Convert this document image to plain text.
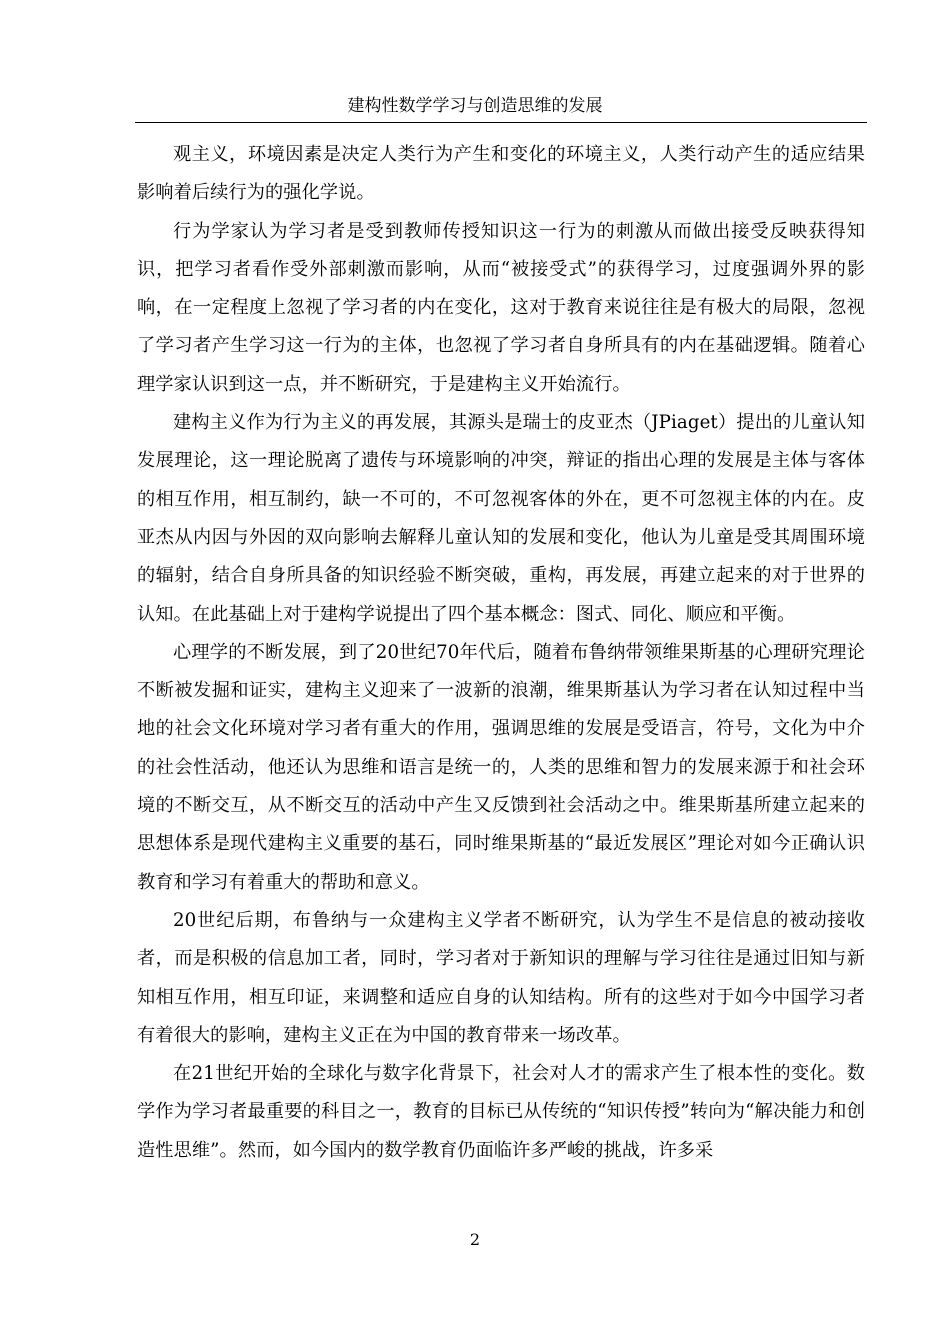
建构性数学学习与创造思维的发展

观主义，环境因素是决定人类行为产生和变化的环境主义，人类行动产生的适应结果影响着后续行为的强化学说。

行为学家认为学习者是受到教师传授知识这一行为的刺激从而做出接受反映获得知识，把学习者看作受外部刺激而影响，从而“被接受式”的获得学习，过度强调外界的影响，在一定程度上忽视了学习者的内在变化，这对于教育来说往往是有极大的局限，忽视了学习者产生学习这一行为的主体，也忽视了学习者自身所具有的内在基础逻辑。随着心理学家认识到这一点，并不断研究，于是建构主义开始流行。

建构主义作为行为主义的再发展，其源头是瑞士的皮亚杰（JPiaget）提出的儿童认知发展理论，这一理论脱离了遗传与环境影响的冲突，辩证的指出心理的发展是主体与客体的相互作用，相互制约，缺一不可的，不可忽视客体的外在，更不可忽视主体的内在。皮亚杰从内因与外因的双向影响去解释儿童认知的发展和变化，他认为儿童是受其周围环境的辐射，结合自身所具备的知识经验不断突破，重构，再发展，再建立起来的对于世界的认知。在此基础上对于建构学说提出了四个基本概念：图式、同化、顺应和平衡。

心理学的不断发展，到了20世纪70年代后，随着布鲁纳带领维果斯基的心理研究理论不断被发掘和证实，建构主义迎来了一波新的浪潮，维果斯基认为学习者在认知过程中当地的社会文化环境对学习者有重大的作用，强调思维的发展是受语言，符号，文化为中介的社会性活动，他还认为思维和语言是统一的，人类的思维和智力的发展来源于和社会环境的不断交互，从不断交互的活动中产生又反馈到社会活动之中。维果斯基所建立起来的思想体系是现代建构主义重要的基石，同时维果斯基的“最近发展区”理论对如今正确认识教育和学习有着重大的帮助和意义。

20世纪后期，布鲁纳与一众建构主义学者不断研究，认为学生不是信息的被动接收者，而是积极的信息加工者，同时，学习者对于新知识的理解与学习往往是通过旧知与新知相互作用，相互印证，来调整和适应自身的认知结构。所有的这些对于如今中国学习者有着很大的影响，建构主义正在为中国的教育带来一场改革。

在21世纪开始的全球化与数字化背景下，社会对人才的需求产生了根本性的变化。数学作为学习者最重要的科目之一，教育的目标已从传统的“知识传授”转向为“解决能力和创造性思维”。然而，如今国内的数学教育仍面临许多严峻的挑战，许多采

2
